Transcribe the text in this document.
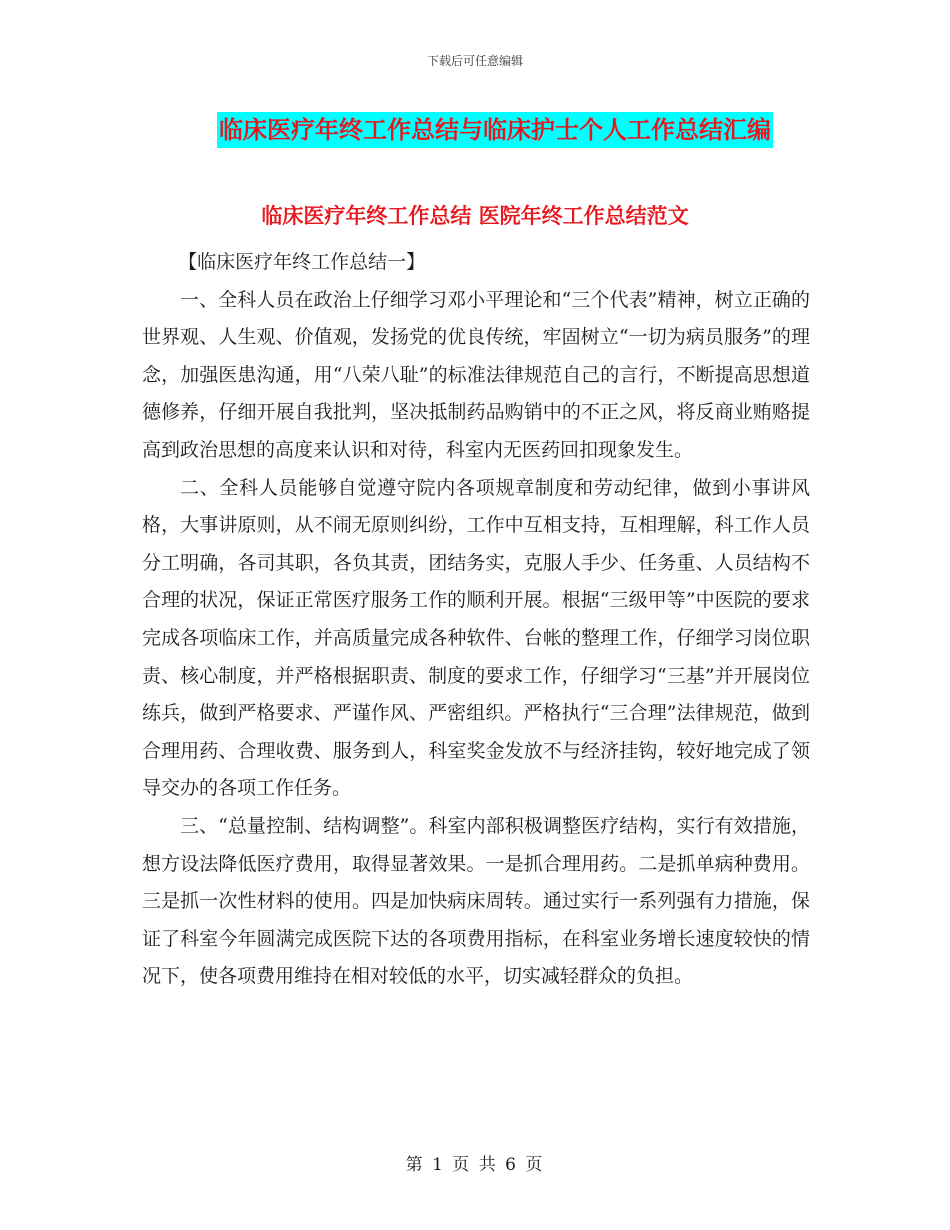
下载后可任意编辑
临床医疗年终工作总结与临床护士个人工作总结汇编
临床医疗年终工作总结 医院年终工作总结范文

【临床医疗年终工作总结一】

一、全科人员在政治上仔细学习邓小平理论和“三个代表”精神，树立正确的世界观、人生观、价值观，发扬党的优良传统，牢固树立“一切为病员服务”的理念，加强医患沟通，用“八荣八耻”的标准法律规范自己的言行，不断提高思想道德修养，仔细开展自我批判，坚决抵制药品购销中的不正之风，将反商业贿赂提高到政治思想的高度来认识和对待，科室内无医药回扣现象发生。

二、全科人员能够自觉遵守院内各项规章制度和劳动纪律，做到小事讲风格，大事讲原则，从不闹无原则纠纷，工作中互相支持，互相理解，科工作人员分工明确，各司其职，各负其责，团结务实，克服人手少、任务重、人员结构不合理的状况，保证正常医疗服务工作的顺利开展。根据“三级甲等”中医院的要求完成各项临床工作，并高质量完成各种软件、台帐的整理工作，仔细学习岗位职责、核心制度，并严格根据职责、制度的要求工作，仔细学习“三基”并开展岗位练兵，做到严格要求、严谨作风、严密组织。严格执行“三合理”法律规范，做到合理用药、合理收费、服务到人，科室奖金发放不与经济挂钩，较好地完成了领导交办的各项工作任务。

三、“总量控制、结构调整”。科室内部积极调整医疗结构，实行有效措施，想方设法降低医疗费用，取得显著效果。一是抓合理用药。二是抓单病种费用。三是抓一次性材料的使用。四是加快病床周转。通过实行一系列强有力措施，保证了科室今年圆满完成医院下达的各项费用指标，在科室业务增长速度较快的情况下，使各项费用维持在相对较低的水平，切实减轻群众的负担。

第 1 页 共 6 页
